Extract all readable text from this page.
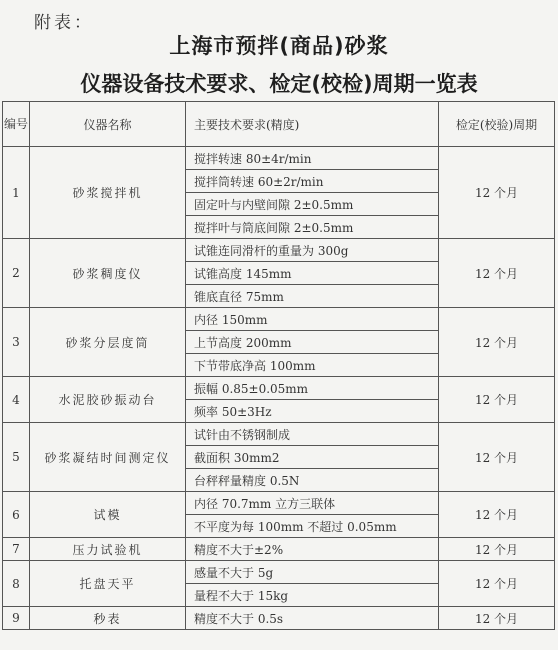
附表：
上海市预拌(商品)砂浆
仪器设备技术要求、检定(校检)周期一览表
编号	仪器名称	主要技术要求(精度)	检定(校验)周期
1	砂浆搅拌机	搅拌转速 80±4r/min	12 个月
		搅拌筒转速 60±2r/min	
		固定叶与内壁间隙 2±0.5mm	
		搅拌叶与筒底间隙 2±0.5mm	
2	砂浆稠度仪	试锥连同滑杆的重量为 300g	12 个月
		试锥高度 145mm	
		锥底直径 75mm	
3	砂浆分层度筒	内径 150mm	12 个月
		上节高度 200mm	
		下节带底净高 100mm	
4	水泥胶砂振动台	振幅 0.85±0.05mm	12 个月
		频率 50±3Hz	
5	砂浆凝结时间测定仪	试针由不锈钢制成	12 个月
		截面积 30mm2	
		台秤秤量精度 0.5N	
6	试模	内径 70.7mm 立方三联体	12 个月
		不平度为每 100mm 不超过 0.05mm	
7	压力试验机	精度不大于±2%	12 个月
8	托盘天平	感量不大于 5g	12 个月
		量程不大于 15kg	
9	秒表	精度不大于 0.5s	12 个月
